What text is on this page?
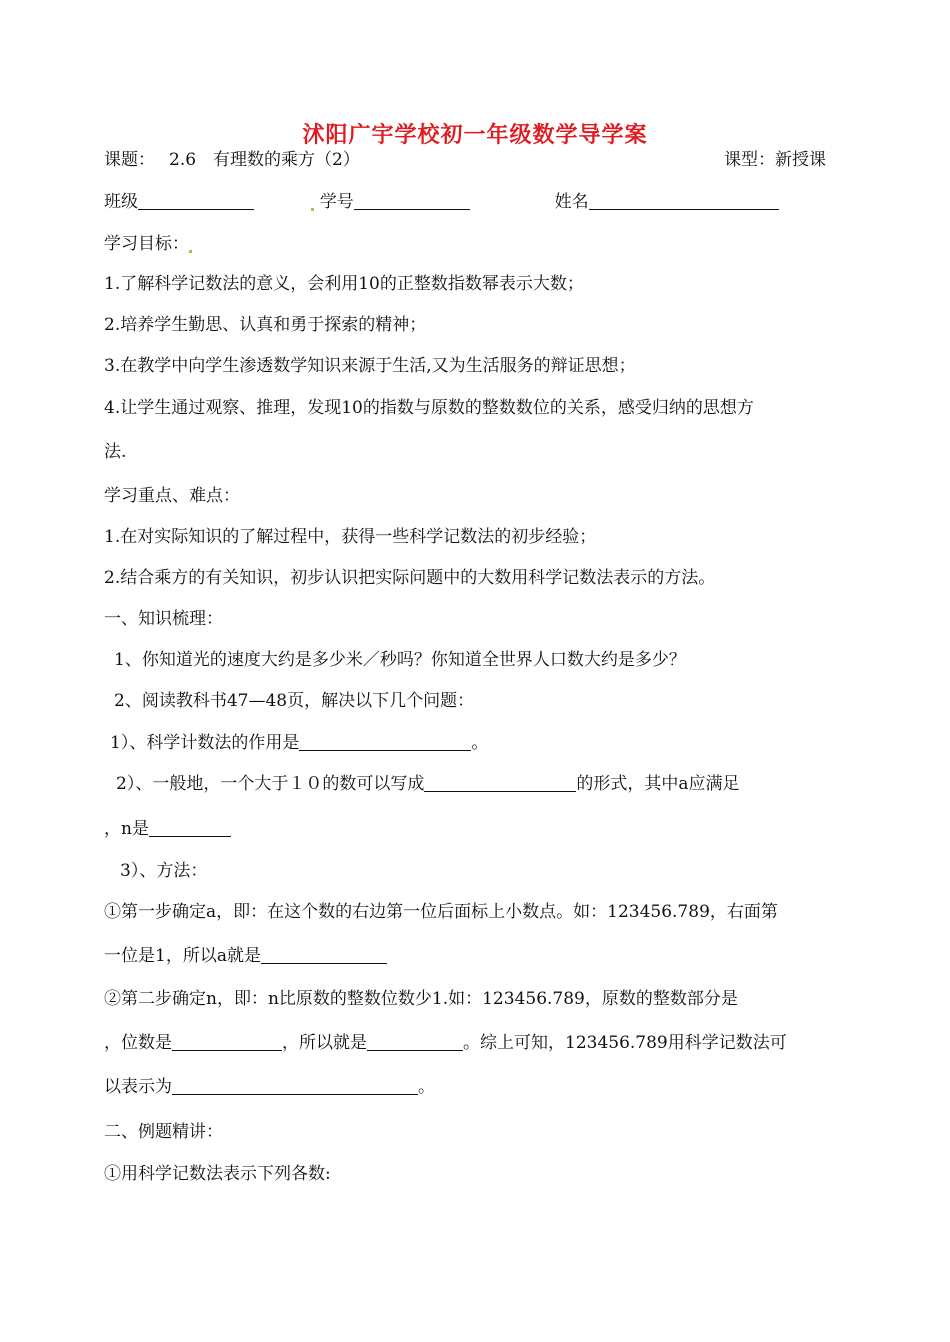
沭阳广宇学校初一年级数学导学案
课题： 2.6　有理数的乘方（2）	课型：新授课
班级	学号	姓名
学习目标：
1.了解科学记数法的意义，会利用10的正整数指数幂表示大数；
2.培养学生勤思、认真和勇于探索的精神；
3.在教学中向学生渗透数学知识来源于生活,又为生活服务的辩证思想；
4.让学生通过观察、推理，发现10的指数与原数的整数数位的关系，感受归纳的思想方
法.
学习重点、难点：
1.在对实际知识的了解过程中，获得一些科学记数法的初步经验；
2.结合乘方的有关知识，初步认识把实际问题中的大数用科学记数法表示的方法。
一、知识梳理：
1、你知道光的速度大约是多少米／秒吗？你知道全世界人口数大约是多少？
2、阅读教科书47—48页，解决以下几个问题：
1）、科学计数法的作用是	。
2）、一般地，一个大于１０的数可以写成	的形式，其中a应满足
，n是
3）、方法：
①第一步确定a，即：在这个数的右边第一位后面标上小数点。如：123456.789，右面第
一位是1，所以a就是
②第二步确定n，即：n比原数的整数位数少1.如：123456.789，原数的整数部分是
，位数是	，所以就是	。综上可知，123456.789用科学记数法可
以表示为	。
二、例题精讲：
①用科学记数法表示下列各数:
